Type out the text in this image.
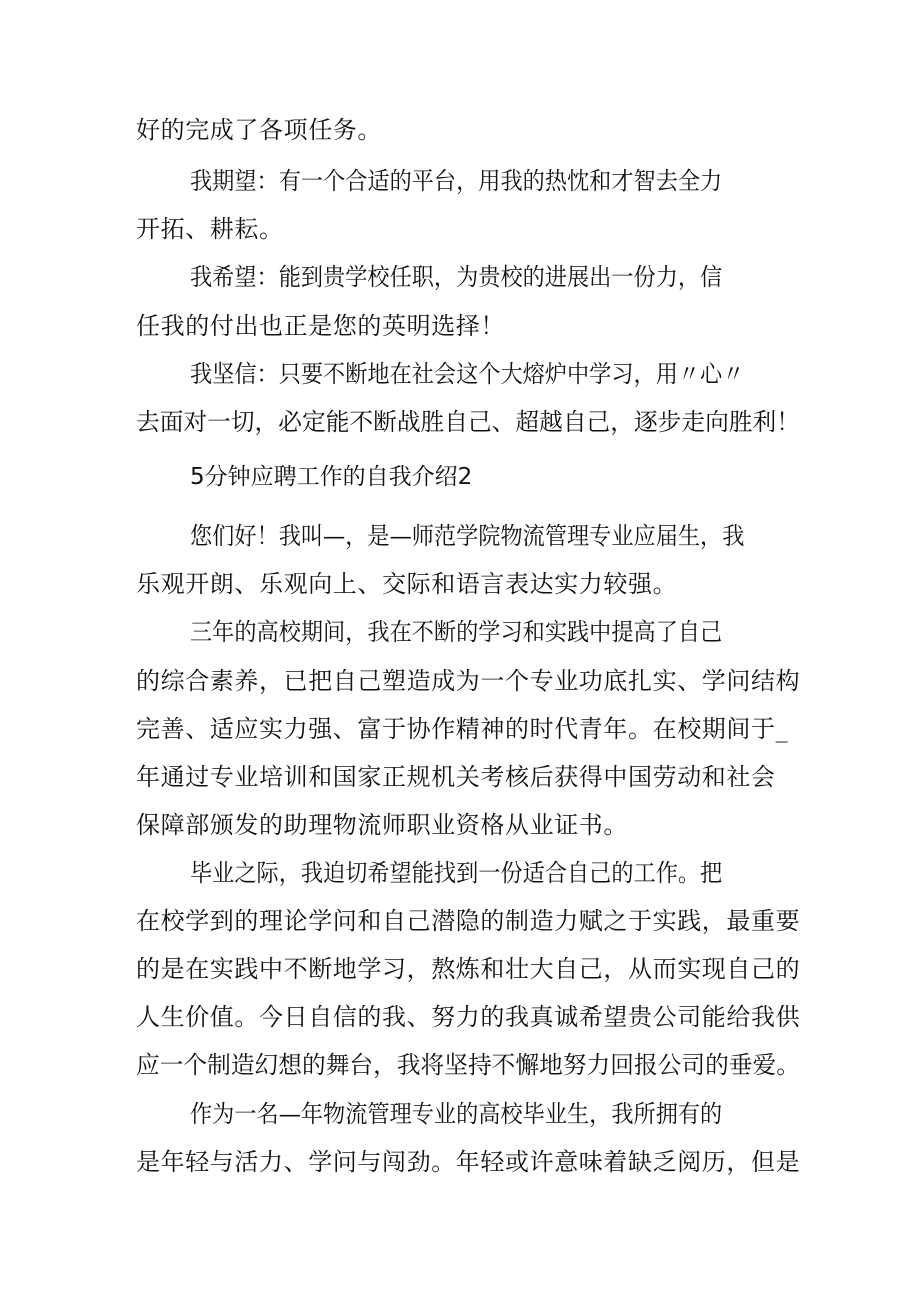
好的完成了各项任务。
我期望：有一个合适的平台，用我的热忱和才智去全力
开拓、耕耘。
我希望：能到贵学校任职，为贵校的进展出一份力，信
任我的付出也正是您的英明选择！
我坚信：只要不断地在社会这个大熔炉中学习，用〃心〃
去面对一切，必定能不断战胜自己、超越自己，逐步走向胜利！
5分钟应聘工作的自我介绍2
您们好！我叫—，是—师范学院物流管理专业应届生，我
乐观开朗、乐观向上、交际和语言表达实力较强。
三年的高校期间，我在不断的学习和实践中提高了自己
的综合素养，已把自己塑造成为一个专业功底扎实、学问结构
完善、适应实力强、富于协作精神的时代青年。在校期间于_
年通过专业培训和国家正规机关考核后获得中国劳动和社会
保障部颁发的助理物流师职业资格从业证书。
毕业之际，我迫切希望能找到一份适合自己的工作。把
在校学到的理论学问和自己潜隐的制造力赋之于实践，最重要
的是在实践中不断地学习，熬炼和壮大自己，从而实现自己的
人生价值。今日自信的我、努力的我真诚希望贵公司能给我供
应一个制造幻想的舞台，我将坚持不懈地努力回报公司的垂爱。
作为一名—年物流管理专业的高校毕业生，我所拥有的
是年轻与活力、学问与闯劲。年轻或许意味着缺乏阅历，但是
